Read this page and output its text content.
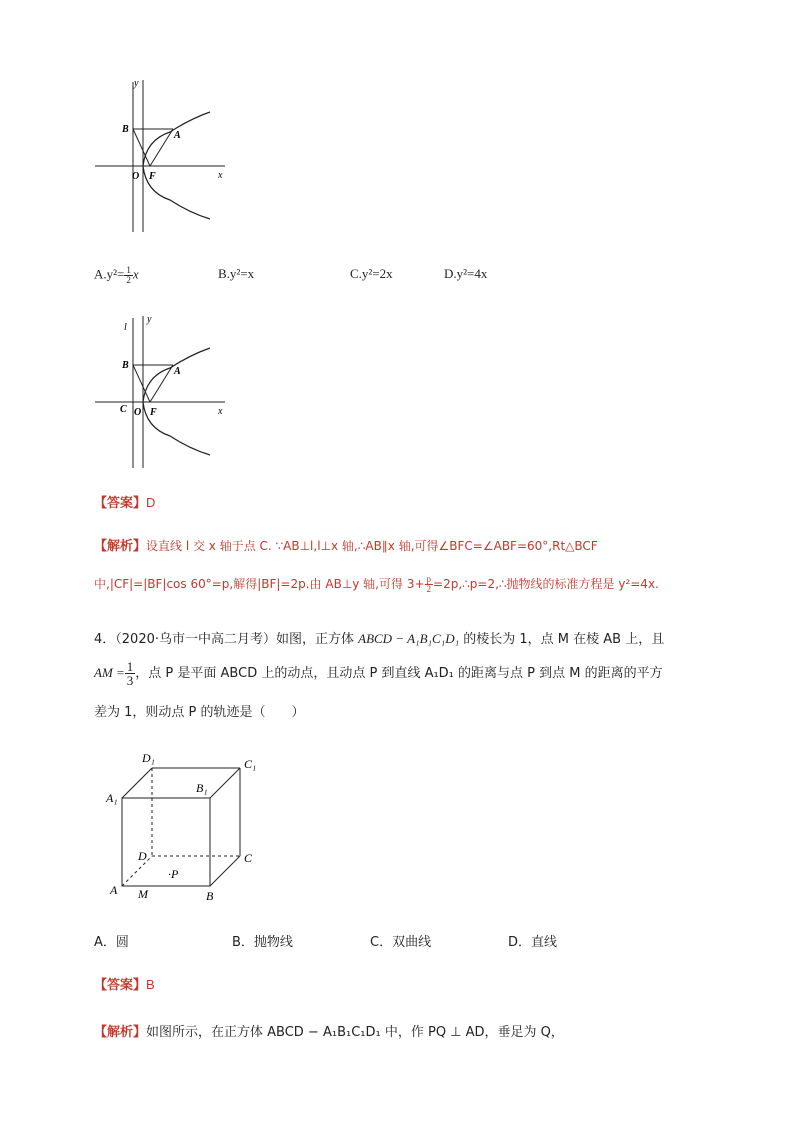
y
B
A
O F	x
$A.y^2= \frac{1}{2}$ x	B.y²=x	C.y²=2x	D.y²=4x
l
y
B
A
C O F	x
【答案】D
【解析】设直线 l 交 x 轴于点 C. ∵AB⊥l,l⊥x 轴,∴AB∥x 轴,可得∠BFC=∠ABF=60°,Rt△BCF
中,|CF|=|BF|cos 60°=p,解得|BF|=2p.由 AB⊥y 轴,可得 $3+ \frac{p}{2}$ =2p,∴p=2,∴抛物线的标准方程是 y²=4x.
4．（2020·乌市一中高二月考）如图，正方体 ABCD − A₁B₁C₁D₁ 的棱长为 1，点 M 在棱 AB 上，且
AM = $\frac{1}{3}$ ，点 P 是平面 ABCD 上的动点，且动点 P 到直线 A₁D₁ 的距离与点 P 到点 M 的距离的平方
差为 1，则动点 P 的轨迹是（　　）
D₁	C₁
A₁
B₁
D	C
A M	B
·P
A．圆	B．抛物线	C．双曲线	D．直线
【答案】B
【解析】如图所示，在正方体 ABCD − A₁B₁C₁D₁ 中，作 PQ ⊥ AD，垂足为 Q，
